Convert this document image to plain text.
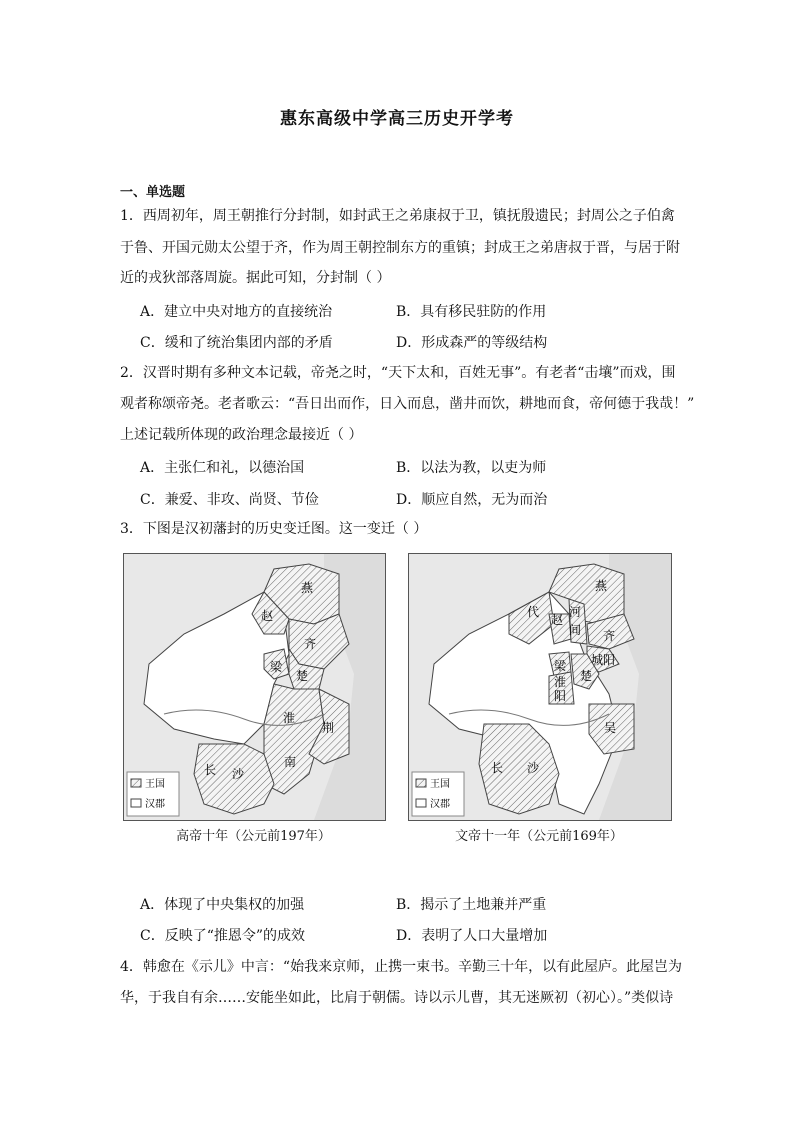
惠东高级中学高三历史开学考
一、单选题
1．西周初年，周王朝推行分封制，如封武王之弟康叔于卫，镇抚殷遗民；封周公之子伯禽
于鲁、开国元勋太公望于齐，作为周王朝控制东方的重镇；封成王之弟唐叔于晋，与居于附
近的戎狄部落周旋。据此可知，分封制（ ）
A．建立中央对地方的直接统治	B．具有移民驻防的作用
C．缓和了统治集团内部的矛盾	D．形成森严的等级结构
2．汉晋时期有多种文本记载，帝尧之时，“天下太和，百姓无事”。有老者“击壤”而戏，围
观者称颂帝尧。老者歌云：“吾日出而作，日入而息，凿井而饮，耕地而食，帝何德于我哉！”
上述记载所体现的政治理念最接近（ ）
A．主张仁和礼，以德治国	B．以法为教，以吏为师
C．兼爱、非攻、尚贤、节俭	D．顺应自然，无为而治
3．下图是汉初藩封的历史变迁图。这一变迁（ ）
燕
赵
齐
梁
楚
淮
南
荆
长 沙
王国
汉郡
高帝十年（公元前197年）
燕
代
赵
河
间 齐
城阳
梁
淮
阳
楚
吴
长 沙
王国
汉郡
文帝十一年（公元前169年）
A．体现了中央集权的加强	B．揭示了土地兼并严重
C．反映了“推恩令”的成效	D．表明了人口大量增加
4．韩愈在《示儿》中言：“始我来京师，止携一束书。辛勤三十年，以有此屋庐。此屋岂为
华，于我自有余……安能坐如此，比肩于朝儒。诗以示儿曹，其无迷厥初（初心）。”类似诗
